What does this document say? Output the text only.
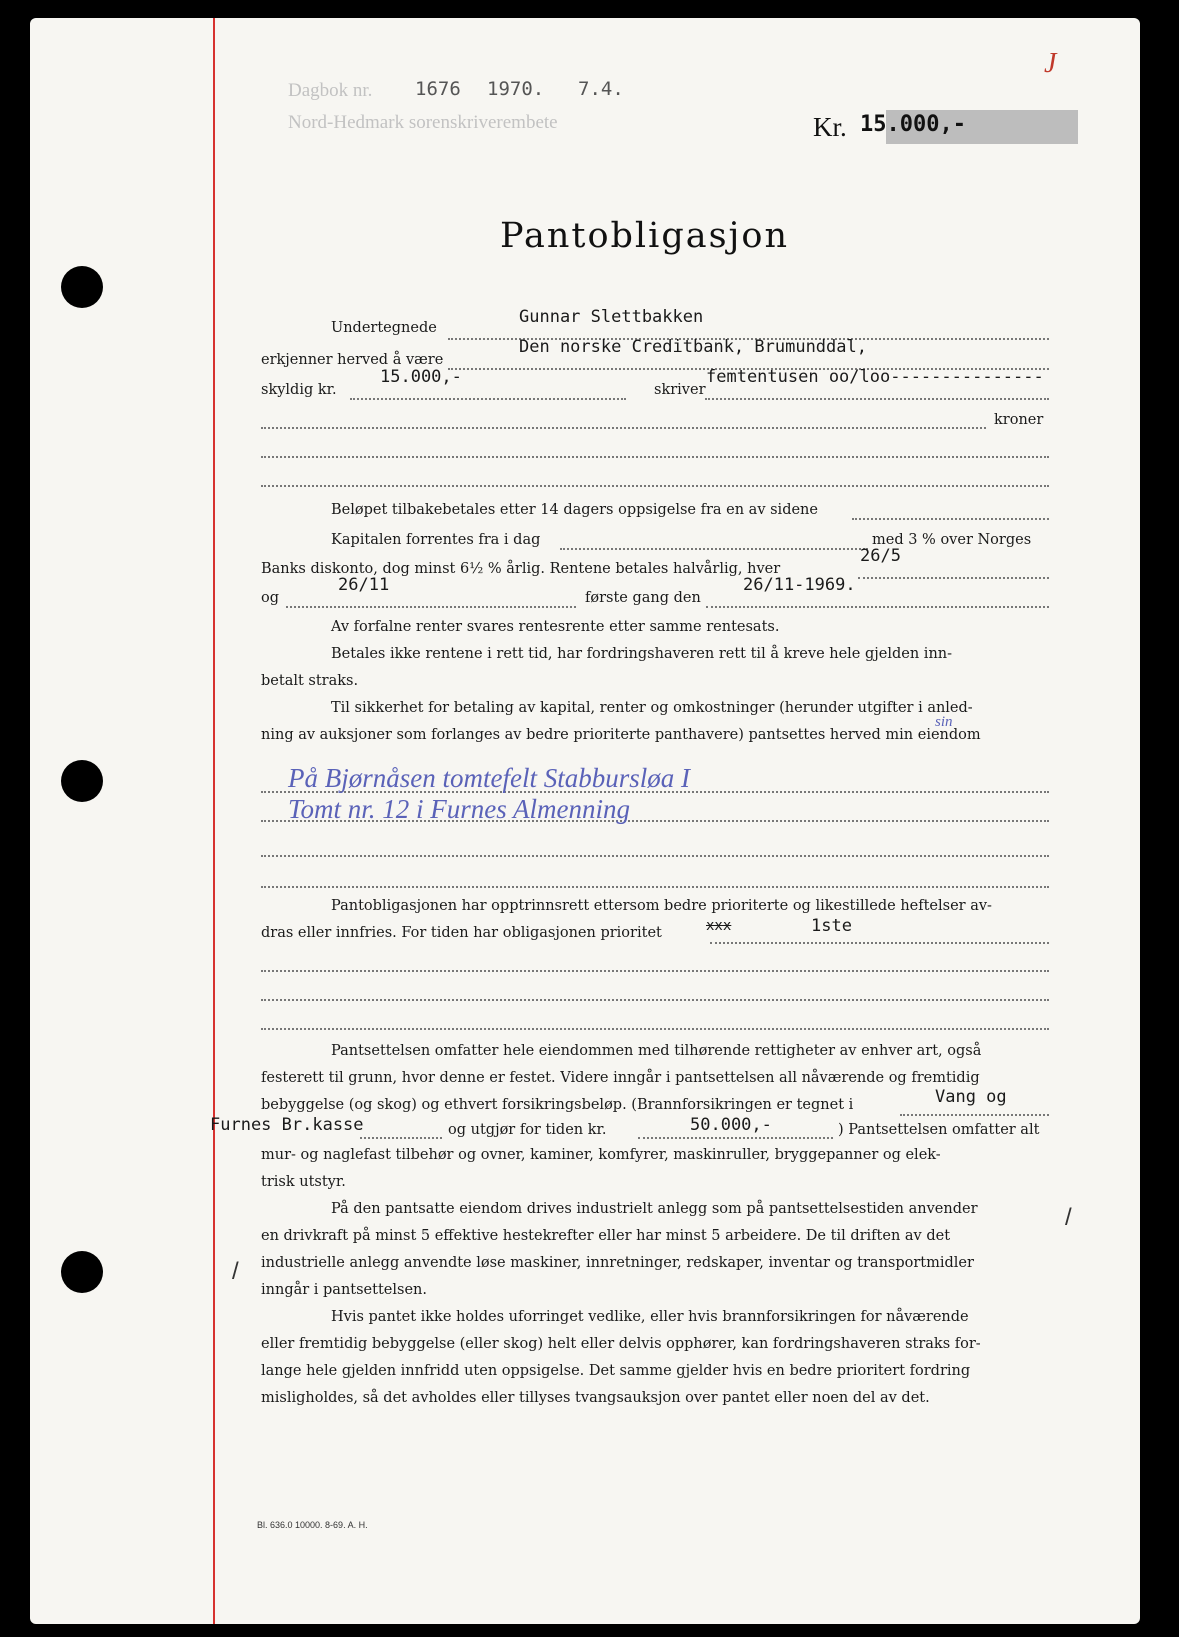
Dagbok nr. 1676 1970. 7.4.
Nord-Hedmark sorenskriverembete
J
Kr. 15.000,-
Pantobligasjon
Undertegnede
Gunnar Slettbakken
erkjenner herved å være
Den norske Creditbank, Brumunddal,
skyldig kr.
15.000,-
skriver
femtentusen oo/loo---------------
kroner
Beløpet tilbakebetales etter 14 dagers oppsigelse fra en av sidene
Kapitalen forrentes fra i dag	med 3 % over Norges
Banks diskonto, dog minst 6½ % årlig. Rentene betales halvårlig, hver
26/5
og
26/11
første gang den
26/11-1969.
Av forfalne renter svares rentesrente etter samme rentesats.
Betales ikke rentene i rett tid, har fordringshaveren rett til å kreve hele gjelden inn-
betalt straks.
Til sikkerhet for betaling av kapital, renter og omkostninger (herunder utgifter i anled-
ning av auksjoner som forlanges av bedre prioriterte panthavere) pantsettes herved min eiendom
sin
På Bjørnåsen tomtefelt Stabbursløa I
Tomt nr. 12 i Furnes Almenning
Pantobligasjonen har opptrinnsrett ettersom bedre prioriterte og likestillede heftelser av-
dras eller innfries. For tiden har obligasjonen prioritet	xxx	1ste
Pantsettelsen omfatter hele eiendommen med tilhørende rettigheter av enhver art, også
festerett til grunn, hvor denne er festet. Videre inngår i pantsettelsen all nåværende og fremtidig
bebyggelse (og skog) og ethvert forsikringsbeløp. (Brannforsikringen er tegnet i	Vang og
Furnes Br.kasse	og utgjør for tiden kr.	50.000,-	) Pantsettelsen omfatter alt
mur- og naglefast tilbehør og ovner, kaminer, komfyrer, maskinruller, bryggepanner og elek-
trisk utstyr.
På den pantsatte eiendom drives industrielt anlegg som på pantsettelsestiden anvender
en drivkraft på minst 5 effektive hestekrefter eller har minst 5 arbeidere. De til driften av det
industrielle anlegg anvendte løse maskiner, innretninger, redskaper, inventar og transportmidler
inngår i pantsettelsen.
/
/
Hvis pantet ikke holdes uforringet vedlike, eller hvis brannforsikringen for nåværende
eller fremtidig bebyggelse (eller skog) helt eller delvis opphører, kan fordringshaveren straks for-
lange hele gjelden innfridd uten oppsigelse. Det samme gjelder hvis en bedre prioritert fordring
misligholdes, så det avholdes eller tillyses tvangsauksjon over pantet eller noen del av det.
Bl. 636.0 10000. 8-69. A. H.
